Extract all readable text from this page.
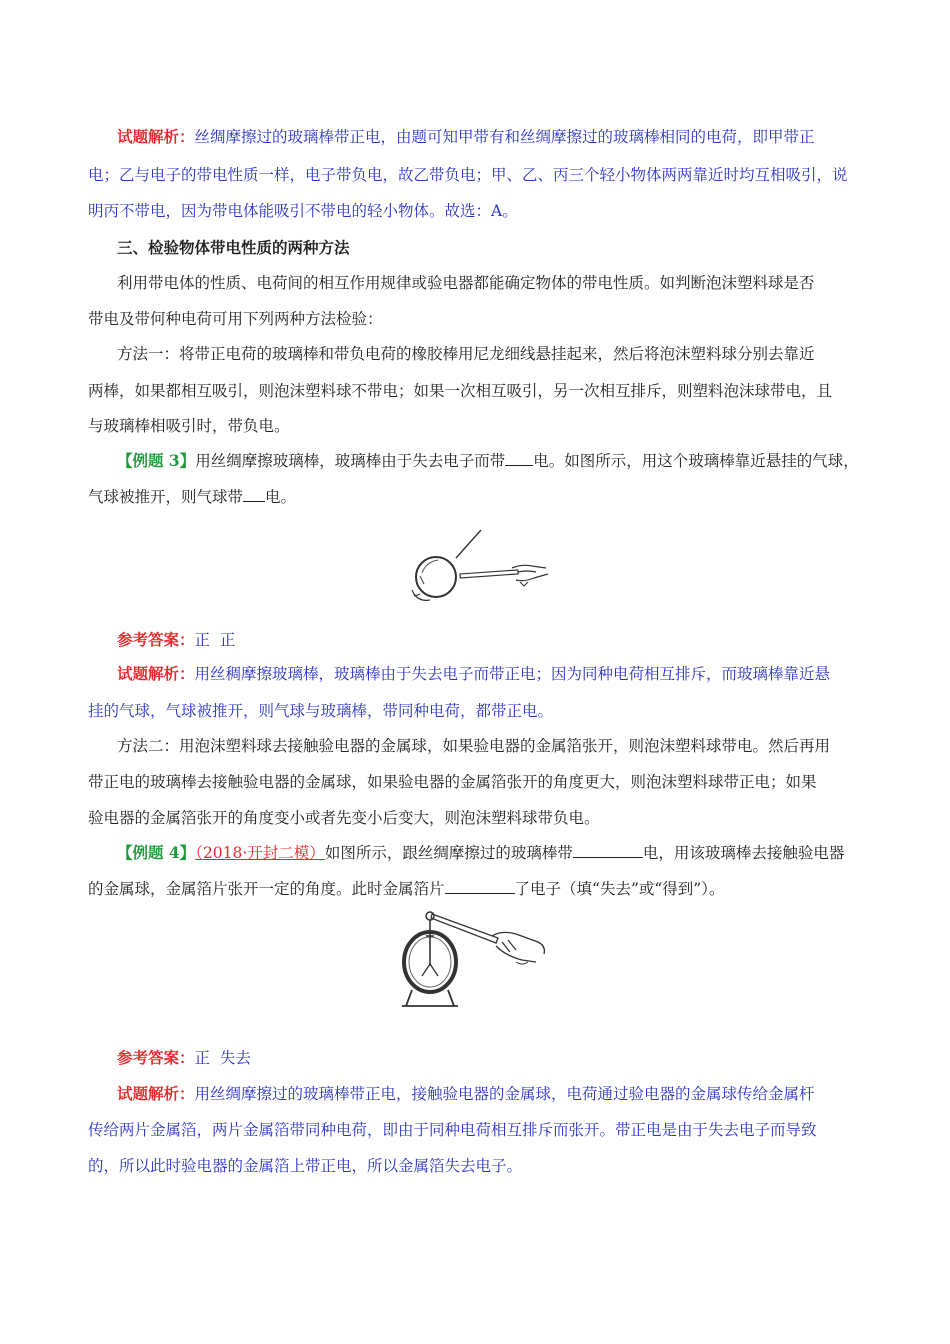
试题解析：丝绸摩擦过的玻璃棒带正电，由题可知甲带有和丝绸摩擦过的玻璃棒相同的电荷，即甲带正
电；乙与电子的带电性质一样，电子带负电，故乙带负电；甲、乙、丙三个轻小物体两两靠近时均互相吸引，说
明丙不带电，因为带电体能吸引不带电的轻小物体。故选：A。
三、检验物体带电性质的两种方法
利用带电体的性质、电荷间的相互作用规律或验电器都能确定物体的带电性质。如判断泡沫塑料球是否
带电及带何种电荷可用下列两种方法检验：
方法一：将带正电荷的玻璃棒和带负电荷的橡胶棒用尼龙细线悬挂起来，然后将泡沫塑料球分别去靠近
两棒，如果都相互吸引，则泡沫塑料球不带电；如果一次相互吸引，另一次相互排斥，则塑料泡沫球带电，且
与玻璃棒相吸引时，带负电。
【例题 3】用丝绸摩擦玻璃棒，玻璃棒由于失去电子而带 电。如图所示，用这个玻璃棒靠近悬挂的气球，
气球被推开，则气球带 电。
参考答案：正  正
试题解析：用丝稠摩擦玻璃棒，玻璃棒由于失去电子而带正电；因为同种电荷相互排斥，而玻璃棒靠近悬
挂的气球，气球被推开，则气球与玻璃棒，带同种电荷，都带正电。
方法二：用泡沫塑料球去接触验电器的金属球，如果验电器的金属箔张开，则泡沫塑料球带电。然后再用
带正电的玻璃棒去接触验电器的金属球，如果验电器的金属箔张开的角度更大，则泡沫塑料球带正电；如果
验电器的金属箔张开的角度变小或者先变小后变大，则泡沫塑料球带负电。
【例题 4】（2018·开封二模）如图所示，跟丝绸摩擦过的玻璃棒带	电，用该玻璃棒去接触验电器
的金属球，金属箔片张开一定的角度。此时金属箔片	了电子（填“失去”或“得到”）。
参考答案：正  失去
试题解析：用丝绸摩擦过的玻璃棒带正电，接触验电器的金属球，电荷通过验电器的金属球传给金属杆
传给两片金属箔，两片金属箔带同种电荷，即由于同种电荷相互排斥而张开。带正电是由于失去电子而导致
的，所以此时验电器的金属箔上带正电，所以金属箔失去电子。
